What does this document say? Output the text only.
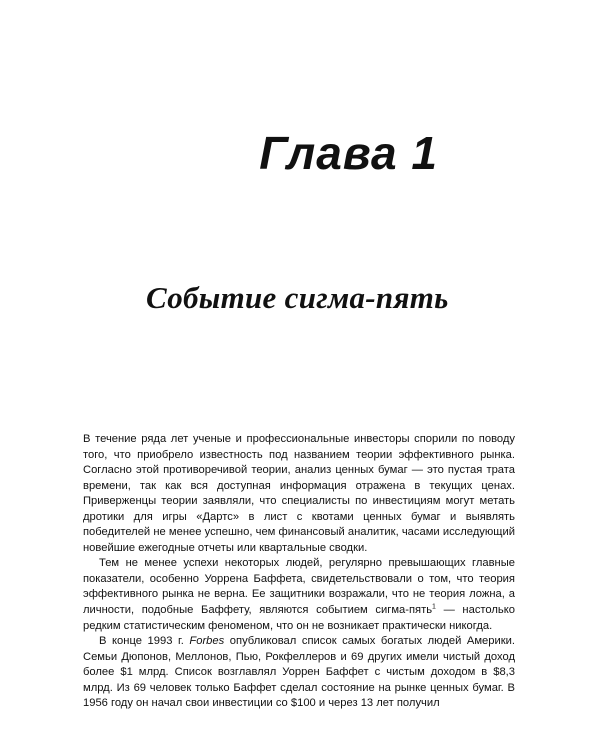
Глава 1
Событие сигма-пять

В течение ряда лет ученые и профессиональные инвесторы спорили по поводу того, что приобрело известность под названием теории эффективного рынка. Согласно этой противоречивой теории, анализ ценных бумаг — это пустая трата времени, так как вся доступная информация отражена в текущих ценах. Приверженцы теории заявляли, что специалисты по инвестициям могут метать дротики для игры «Дартс» в лист с квотами ценных бумаг и выявлять победителей не менее успешно, чем финансовый аналитик, часами исследующий новейшие ежегодные отчеты или квартальные сводки.

Тем не менее успехи некоторых людей, регулярно превышающих главные показатели, особенно Уоррена Баффета, свидетельствовали о том, что теория эффективного рынка не верна. Ее защитники возражали, что не теория ложна, а личности, подобные Баффету, являются событием сигма-пять$^1$ — настолько редким статистическим феноменом, что он не возникает практически никогда.

В конце 1993 г. Forbes опубликовал список самых богатых людей Америки. Семьи Дюпонов, Меллонов, Пью, Рокфеллеров и 69 других имели чистый доход более $1 млрд. Список возглавлял Уоррен Баффет с чистым доходом в $8,3 млрд. Из 69 человек только Баффет сделал состояние на рынке ценных бумаг. В 1956 году он начал свои инвестиции со $100 и через 13 лет получил
